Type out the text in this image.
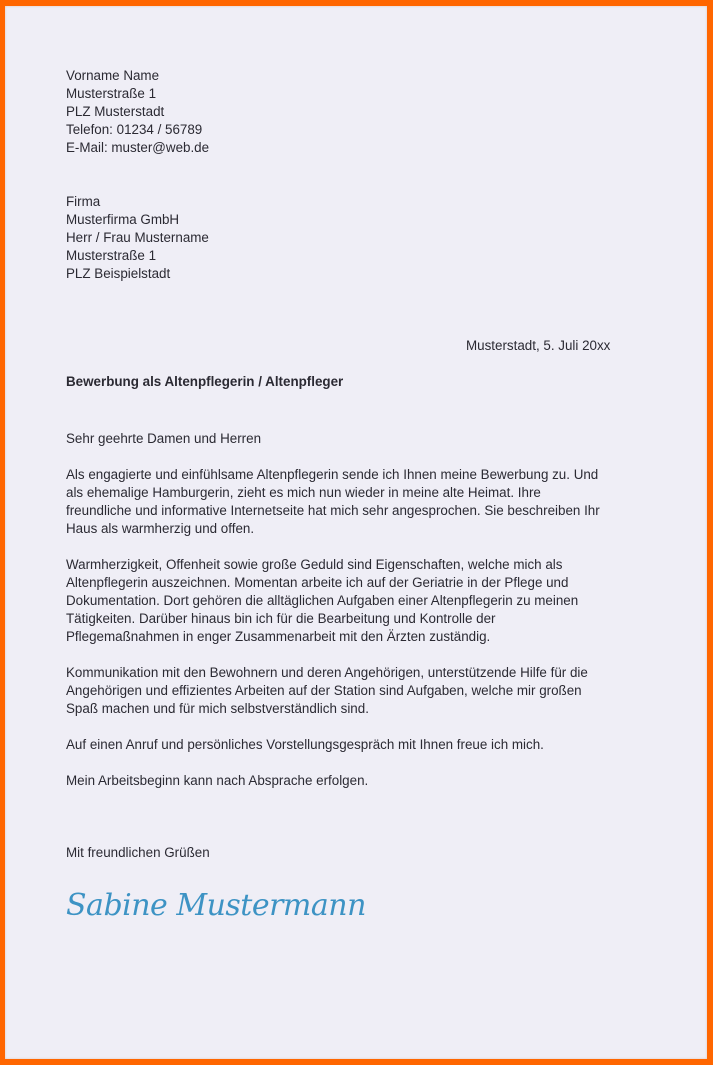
Vorname Name
Musterstraße 1
PLZ Musterstadt
Telefon: 01234 / 56789
E-Mail: muster@web.de
Firma
Musterfirma GmbH
Herr / Frau Mustername
Musterstraße 1
PLZ Beispielstadt
Musterstadt, 5. Juli 20xx
Bewerbung als Altenpflegerin / Altenpfleger
Sehr geehrte Damen und Herren
Als engagierte und einfühlsame Altenpflegerin sende ich Ihnen meine Bewerbung zu. Und
als ehemalige Hamburgerin, zieht es mich nun wieder in meine alte Heimat. Ihre
freundliche und informative Internetseite hat mich sehr angesprochen. Sie beschreiben Ihr
Haus als warmherzig und offen.
Warmherzigkeit, Offenheit sowie große Geduld sind Eigenschaften, welche mich als
Altenpflegerin auszeichnen. Momentan arbeite ich auf der Geriatrie in der Pflege und
Dokumentation. Dort gehören die alltäglichen Aufgaben einer Altenpflegerin zu meinen
Tätigkeiten. Darüber hinaus bin ich für die Bearbeitung und Kontrolle der
Pflegemaßnahmen in enger Zusammenarbeit mit den Ärzten zuständig.
Kommunikation mit den Bewohnern und deren Angehörigen, unterstützende Hilfe für die
Angehörigen und effizientes Arbeiten auf der Station sind Aufgaben, welche mir großen
Spaß machen und für mich selbstverständlich sind.
Auf einen Anruf und persönliches Vorstellungsgespräch mit Ihnen freue ich mich.
Mein Arbeitsbeginn kann nach Absprache erfolgen.
Mit freundlichen Grüßen
Sabine Mustermann
